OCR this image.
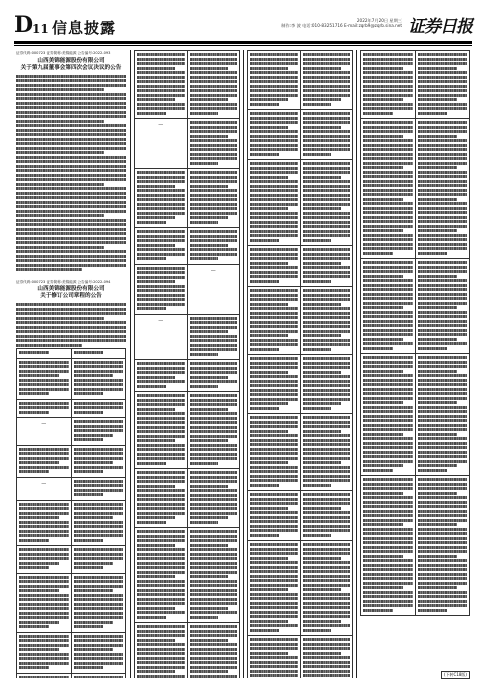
D
11 信息披露	2022年7月20日 星期三
制作:李 波 电话:010-83251716 E-mail:zqrb9@zqrb.sina.net 证券日报
证券代码:000723 证券简称:美锦能源 公告编号:2022-093
山西美锦能源股份有限公司
关于第九届董事会第四次会议决议的公告
证券代码:000723 证券简称:美锦能源 公告编号:2022-094
山西美锦能源股份有限公司
关于修订公司章程的公告
—
—
—
—
—
(下转C18版)
